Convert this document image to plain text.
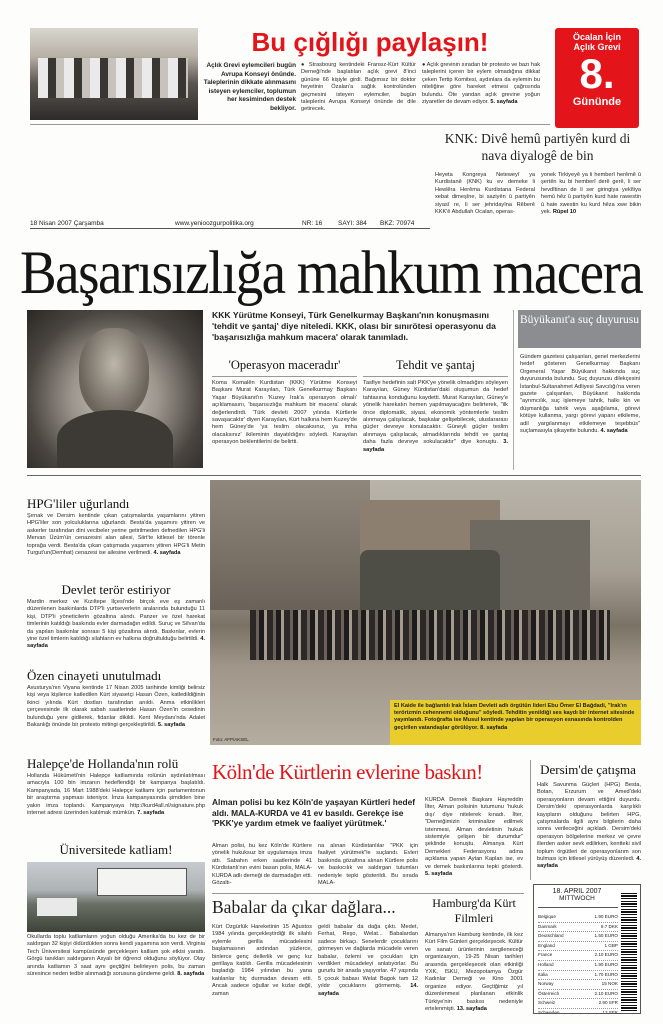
Bu çığlığı paylaşın!
Açlık Grevi eylemcileri bugün Avrupa Konseyi önünde. Taleplerinin dikkate alınmasını isteyen eylemciler, toplumun her kesiminden destek bekliyor.
● Strasbourg kentindeki Fransız-Kürt Kültür Derneği'nde başlatılan açlık grevi 8'inci gününe 66 kişiyle girdi. Bağımsız bir doktor heyetinin Özalan'a sağlık kontrolünden geçmesini isteyen eylemciler, bugün taleplerini Avrupa Konseyi önünde de dile getirecek.
● Açlık grevinin sıradan bir protesto ve bazı hak taleplerini içeren bir eylem olmadığına dikkat çeken Tertip Komitesi, aydınlara da eylemin bu niteliğine göre hareket etmesi çağrısında bulundu. Öte yandan açlık grevine yoğun ziyaretler de devam ediyor. 5. sayfada
Öcalan İçin
Açlık Grevi
8.
Gününde
KNK: Divê hemû partiyên kurd di nava diyalogê de bin
Heyeta Kongreya Neteweyî ya Kurdistanê (KNK) ku ev demeke li Hewlêra Herêma Kurdistana Federal xebat dimeşîne, bi saziyên û partiyên siyasî re, li ser jehridayîna Rêberê KKK'ê Abdullah Ocalan, operas-
yonek Tirkiyeyê ya li hemberî herêmê û şertên ku bi hemberî derê gerê, li ser hevdîtinan de li ser giringiya yekîtiya hemû hêz û partiyên kurd hate rawestin û hate xwestin ku kurd hêza xwe bikin yek. Rûpel 10
18 Nisan 2007 Çarşamba	www.yenioozgurpolitika.org	NR: 16	SAYI: 384	BKZ: 70974
Başarısızlığa mahkum macera
KKK Yürütme Konseyi, Türk Genelkurmay Başkanı'nın konuşmasını 'tehdit ve şantaj' diye niteledi. KKK, olası bir sınırötesi operasyonu da 'başarısızlığa mahkum macera' olarak tanımladı.
'Operasyon maceradır'
Koma Komalên Kurdistan (KKK) Yürütme Konseyi Başkanı Murat Karayılan, Türk Genelkurmay Başkanı Yaşar Büyükanıt'ın 'Kuzey Irak'a operasyon olmalı' açıklamasını, 'başarısızlığa mahkum bir macera' olarak değerlendirdi. 'Türk devleti 2007 yılında Kürtlerle savaşacaktır' diyen Karayılan, Kürt halkına hem Kuzey'de hem Güney'de 'ya teslim olacaksınız, ya imha olacaksınız' ikileminin dayatıldığını söyledi. Karayılan operasyon beklentilerini de belirtti.
Tehdit ve şantaj
Tasfiye hedefinin salt PKK'ye yönelik olmadığını söyleyen Karayılan, Güney Kürdistan'daki oluşumun da hedef tahtasına konduğunu kaydetti. Murat Karayılan, Güney'e yönelik harekatın hemen yapılmayacağını belirterek, "ilk önce diplomatik, siyasi, ekonomik yöntemlerle teslim alınmaya çalışılacak, başkalar gelişebilecek, uluslararası güçler devreye konulacaktır. Güneyli güçler teslim alınmaya çalışılacak, almadıklarında tehdit ve şantaj daha fazla devreye sokulacaktır" diye konuştu. 3. sayfada
Büyükanıt'a suç duyurusu
Gündem gazetesi çalışanları, genel merkezlerini hedef gösteren Genelkurmay Başkanı Orgeneral Yaşar Büyükanıt hakkında suç duyurusunda bulundu. Suç duyurusu dilekçesini İstanbul-Sultanahmet Adliyesi Savcılığı'na veren gazete çalışanları, Büyükanıt hakkında "ayrımcılık, suç işlemeye tahrik, halkı kin ve düşmanlığa tahrik veya aşağılama, görevi kötüye kullanma, yargı görevi yapanı etkileme, adil yargılanmayı etkilemeye teşebbüs" suçlamasıyla şikayette bulundu. 4. sayfada
HPG'liler uğurlandı
Şırnak ve Dersim kentinde çıkan çatışmalarda yaşamlarını yitiren HPG'liler son yolculuklarına uğurlandı. Besta'da yaşamını yitiren ve askerler tarafından dini vecibeler yerine getirilmeden defnedilen HPG'li Mervan Üzüm'ün cenazesini alan ailesi, Siirt'te kitlesel bir törenle toprağa verdi. Besta'da çıkan çatışmada yaşamını yitiren HPG'li Metin Turgut'un(Demhat) cenazesi ise ailesine verilmedi. 4. sayfada
Devlet terör estiriyor
Mardin merkez ve Kızıltepe İlçesi'nde birçok eve eş zamanlı düzenlenen baskınlarda DTP'li yurtseverlerin aralarında bulunduğu 11 kişi, DTP'li yöneticilerin gözaltına alındı. Panzer ve özel harekat timlerinin katıldığı baskında evler darmadağın edildi. Suruç ve Siîvan'da da yapılan baskınlar sonrası 5 kişi gözaltına alındı. Baskınlar, evlerin yine özel timlerin katıldığı silahların ev halkına doğrultulduğu belirtildi. 4. sayfada
Özen cinayeti unutulmadı
Avusturya'nın Viyana kentinde 17 Nisan 2005 tarihinde kimliği belirsiz kişi veya kişilerce katledilen Kürt siyasetçi Hasan Özen, katledildiğinin ikinci yılında Kürt dostları tarafından anıldı. Anma etkinlikleri çerçevesinde ilk olarak sabah saatlerinde Hasan Özen'in cesedinin bulunduğu yere gidilerek, fidanlar dikildi. Kent Meydanı'nda Adalet Bakanlığı önünde bir protesto mitingi gerçekleştirildi. 5. sayfada
Halepçe'de Hollanda'nın rolü
Hollanda Hükümeti'nin Halepçe katliamında rolünün aydınlatılması amacıyla 100 bin imzanın hedeflendiği bir kampanya başlatıldı. Kampanyada, 16 Mart 1988'deki Halepçe katliamı için parlamentonun bir araştırma yapması isteniyor. İmza kampanyasında şimdiden bine yakın imza toplandı. Kampanyaya http://kurd4all.nl/signature.php internet adresi üzerinden katılmak mümkün. 7. sayfada
Üniversitede katliam!
Okullarda toplu katliamların yoğun olduğu Amerika'da bu kez de bir saldırgan 32 kişiyi öldürdükten sonra kendi yaşamına son verdi. Virginia Tech Üniversitesi kampüsünde gerçekleşen katliam şok etkisi yarattı. Görgü tanıkları saldırganın Asyalı bir öğrenci olduğunu söylüyor. Olay anında katliamın 3 saat aynı geçtiğini belirleyen polis, bu zaman süresince neden tedbir alınmadığı sorusuna gündeme geldi. 8. sayfada
Foto: AFP/AKSEL
El Kaide ile bağlantılı Irak İslam Devleti adlı örgütün lideri Ebu Ömer El Bağdadi, "Irak'ın terörizmin cehennemi olduğunu" söyledi. Tehditin yenildiği ses kaydı bir internet sitesinde yayınlandı. Fotoğrafta ise Musul kentinde yapılan bir operasyon esnasında kontrolden geçirilen vatandaşlar görülüyor. 8. sayfada
Köln'de Kürtlerin evlerine baskın!
Alman polisi bu kez Köln'de yaşayan Kürtleri hedef aldı. MALA-KURDA ve 41 ev basıldı. Gerekçe ise 'PKK'ye yardım etmek ve faaliyet yürütmek.'
Alman polisi, bu kez Köln'de Kürtlere yönelik hukuksuz bir uygulamaya imza attı. Sabahın erken saatlerinde 41 Kürdistanlı'nın evini basan polis, MALA-KURDA adlı derneği de darmadağın etti. Gözaltı-
na alınan Kürdistanlılar "PKK için faaliyet yürütmek"le suçlandı. Evleri baskında gözaltına alınan Kürtlere polis ve baskıcılık ve saldırgan tutumları nedeniyle tepki gösterildi. Bu sırada MALA-
KURDA Dernek Başkanı Hayreddin İlter, Alman polisinin tutumunu 'hukuk dışı' diye nitelerek kınadı. İlter, "Derneğimizin kriminalize edilmek istenmesi, Alman devletinin hukuk sistemiyle çelişen bir durumdur" şeklinde konuştu. Almanya Kürt Dernekleri Federasyonu adına açıklama yapan Aytan Kaplan ise, ev ve dernek baskınlarına tepki gösterdi. 5. sayfada
Dersim'de çatışma
Halk Savunma Güçleri (HPG) Besta, Botan, Erzurum ve Amed'deki operasyonların devam ettiğini duyurdu. Dersim'deki operasyonlarda karşılıklı kayıpların olduğunu belirten HPG, çatışmalarda ilgili aynı bilgilerin daha sonra verileceğini açıkladı. Dersim'deki operasyon bölgelerine merkez ve çevre illerden asker sevk edilirken, kentteki sivil toplum örgütleri de operasyonlarım son bulması için kitlesel yürüyüş düzenledi. 4. sayfada
Babalar da çıkar dağlara...
Kürt Özgürlük Hareketinin 15 Ağustos 1984 yılında gerçekleştirdiği ilk silahlı eylemle gerilla mücadelesini başlamasının ardından yüzlerce, binlerce genç dellerlik ve genç kız gerillaya katıldı. Gerilla mücadelesinin başladığı 1984 yılından bu yana katılanlar hiç durmadan devam etti. Ancak sadece oğullar ve kızlar değil, zaman
geldi babalar da dağa çıktı. Medet, Ferhat, Reşo, Welat... Babalardan sadece birkaçı. Senelerdir çocuklarını görmeyen ve dağlarda mücadele veren babalar, özlemi ve çocukları için verdikleri mücadeleyi anlatıyorlar. Bu gururlu bir anada yaşıyorlar. 47 yaşında 5 çocuk babası Welat Bagok tam 12 yıldır çocuklarını görmemiş. 14. sayfada
Hamburg'da Kürt Filmleri
Almanya'nın Hamburg kentinde, ilk kez Kürt Film Günleri gerçekleşecek. Kültür ve sanatı ürünlerinin sergileneceği organizasyon, 19-25 Nisan tarihleri arasında gerçekleşecek olan etkinliği YXK, ISKU, Mezopotamya Özgür Kadınlar Derneği ve Kino 3001 organize ediyor. Geçtiğimiz yıl düzenlenmesi planlanan etkinlik Türkiye'nin baskısı nedeniyle ertelenmişti. 13. sayfada
18. APRIL 2007
MITTWOCH
Belgique	1.90 EURO
Danmark	9.7 DKK
Deutschland	1.50 EURO
England	1 GBP
France	2.10 EURO
Holland	1.90 EURO
Italia	1.70 EURO
Norway	15 NOK
Österreich	2.10 EURO
Schweiz	2.90 SFR
Schweden	12 SEK
